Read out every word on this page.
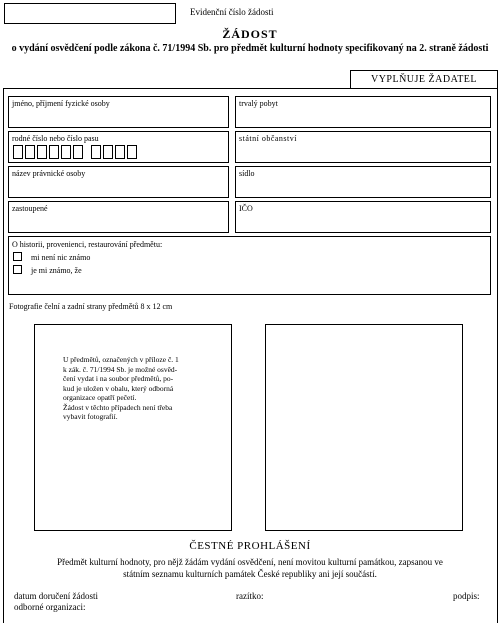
Evidenční číslo žádosti
ŽÁDOST
o vydání osvědčení podle zákona č. 71/1994 Sb. pro předmět kulturní hodnoty specifikovaný na 2. straně žádosti
VYPLŇUJE ŽADATEL
jméno, příjmení fyzické osoby	trvalý pobyt
rodné číslo nebo číslo pasu	státní občanství
název právnické osoby	sídlo
zastoupené	IČO
O historii, provenienci, restaurování předmětu:
mi není nic známo
je mi známo, že
Fotografie čelní a zadní strany předmětů 8 x 12 cm
U předmětů, označených v příloze č. 1
k zák. č. 71/1994 Sb. je možné osvěd-
čení vydat i na soubor předmětů, po-
kud je uložen v obalu, který odborná
organizace opatří pečetí.
Žádost v těchto případech není třeba
vybavit fotografií.
ČESTNÉ PROHLÁŠENÍ
Předmět kulturní hodnoty, pro nějž žádám vydání osvědčení, není movitou kulturní památkou, zapsanou ve
státním seznamu kulturních památek České republiky ani její součástí.
datum doručení žádosti
odborné organizaci:
razítko:	podpis:
